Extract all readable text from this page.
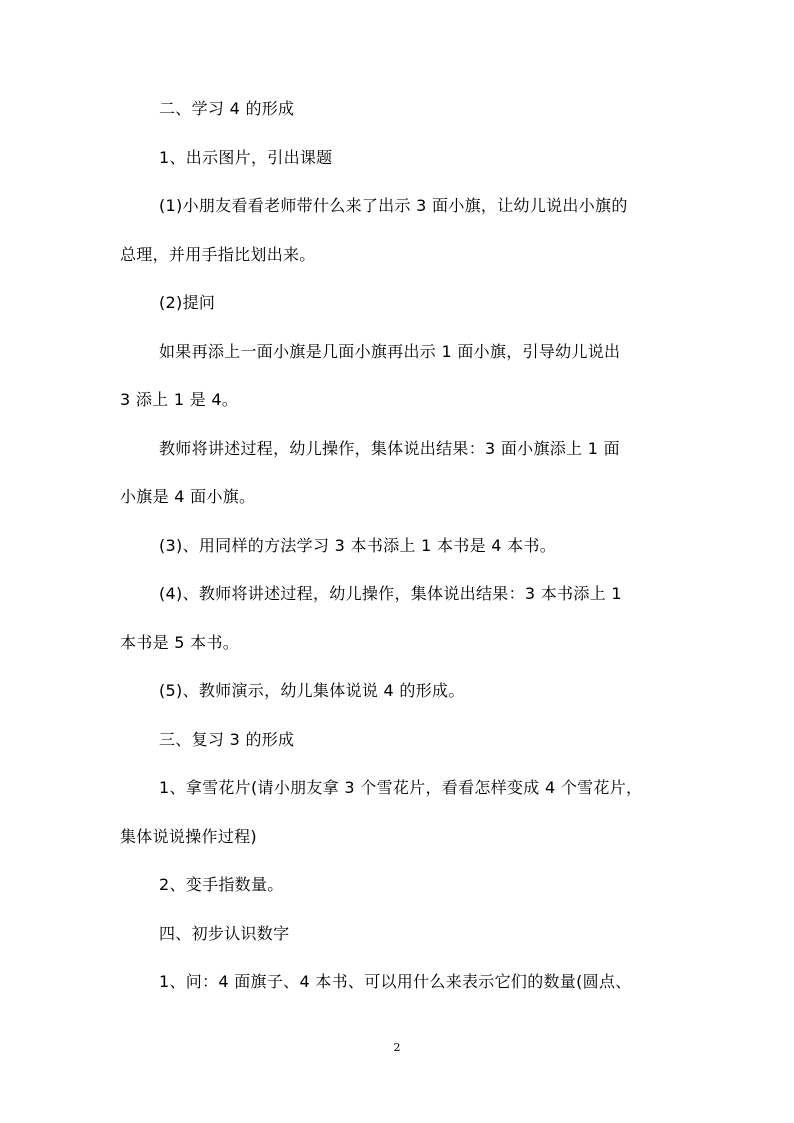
二、学习 4 的形成
1、出示图片，引出课题
(1)小朋友看看老师带什么来了出示 3 面小旗，让幼儿说出小旗的
总理，并用手指比划出来。
(2)提问
如果再添上一面小旗是几面小旗再出示 1 面小旗，引导幼儿说出
3 添上 1 是 4。
教师将讲述过程，幼儿操作，集体说出结果：3 面小旗添上 1 面
小旗是 4 面小旗。
(3)、用同样的方法学习 3 本书添上 1 本书是 4 本书。
(4)、教师将讲述过程，幼儿操作，集体说出结果：3 本书添上 1
本书是 5 本书。
(5)、教师演示，幼儿集体说说 4 的形成。
三、复习 3 的形成
1、拿雪花片(请小朋友拿 3 个雪花片，看看怎样变成 4 个雪花片，
集体说说操作过程)
2、变手指数量。
四、初步认识数字
1、问：4 面旗子、4 本书、可以用什么来表示它们的数量(圆点、
2
